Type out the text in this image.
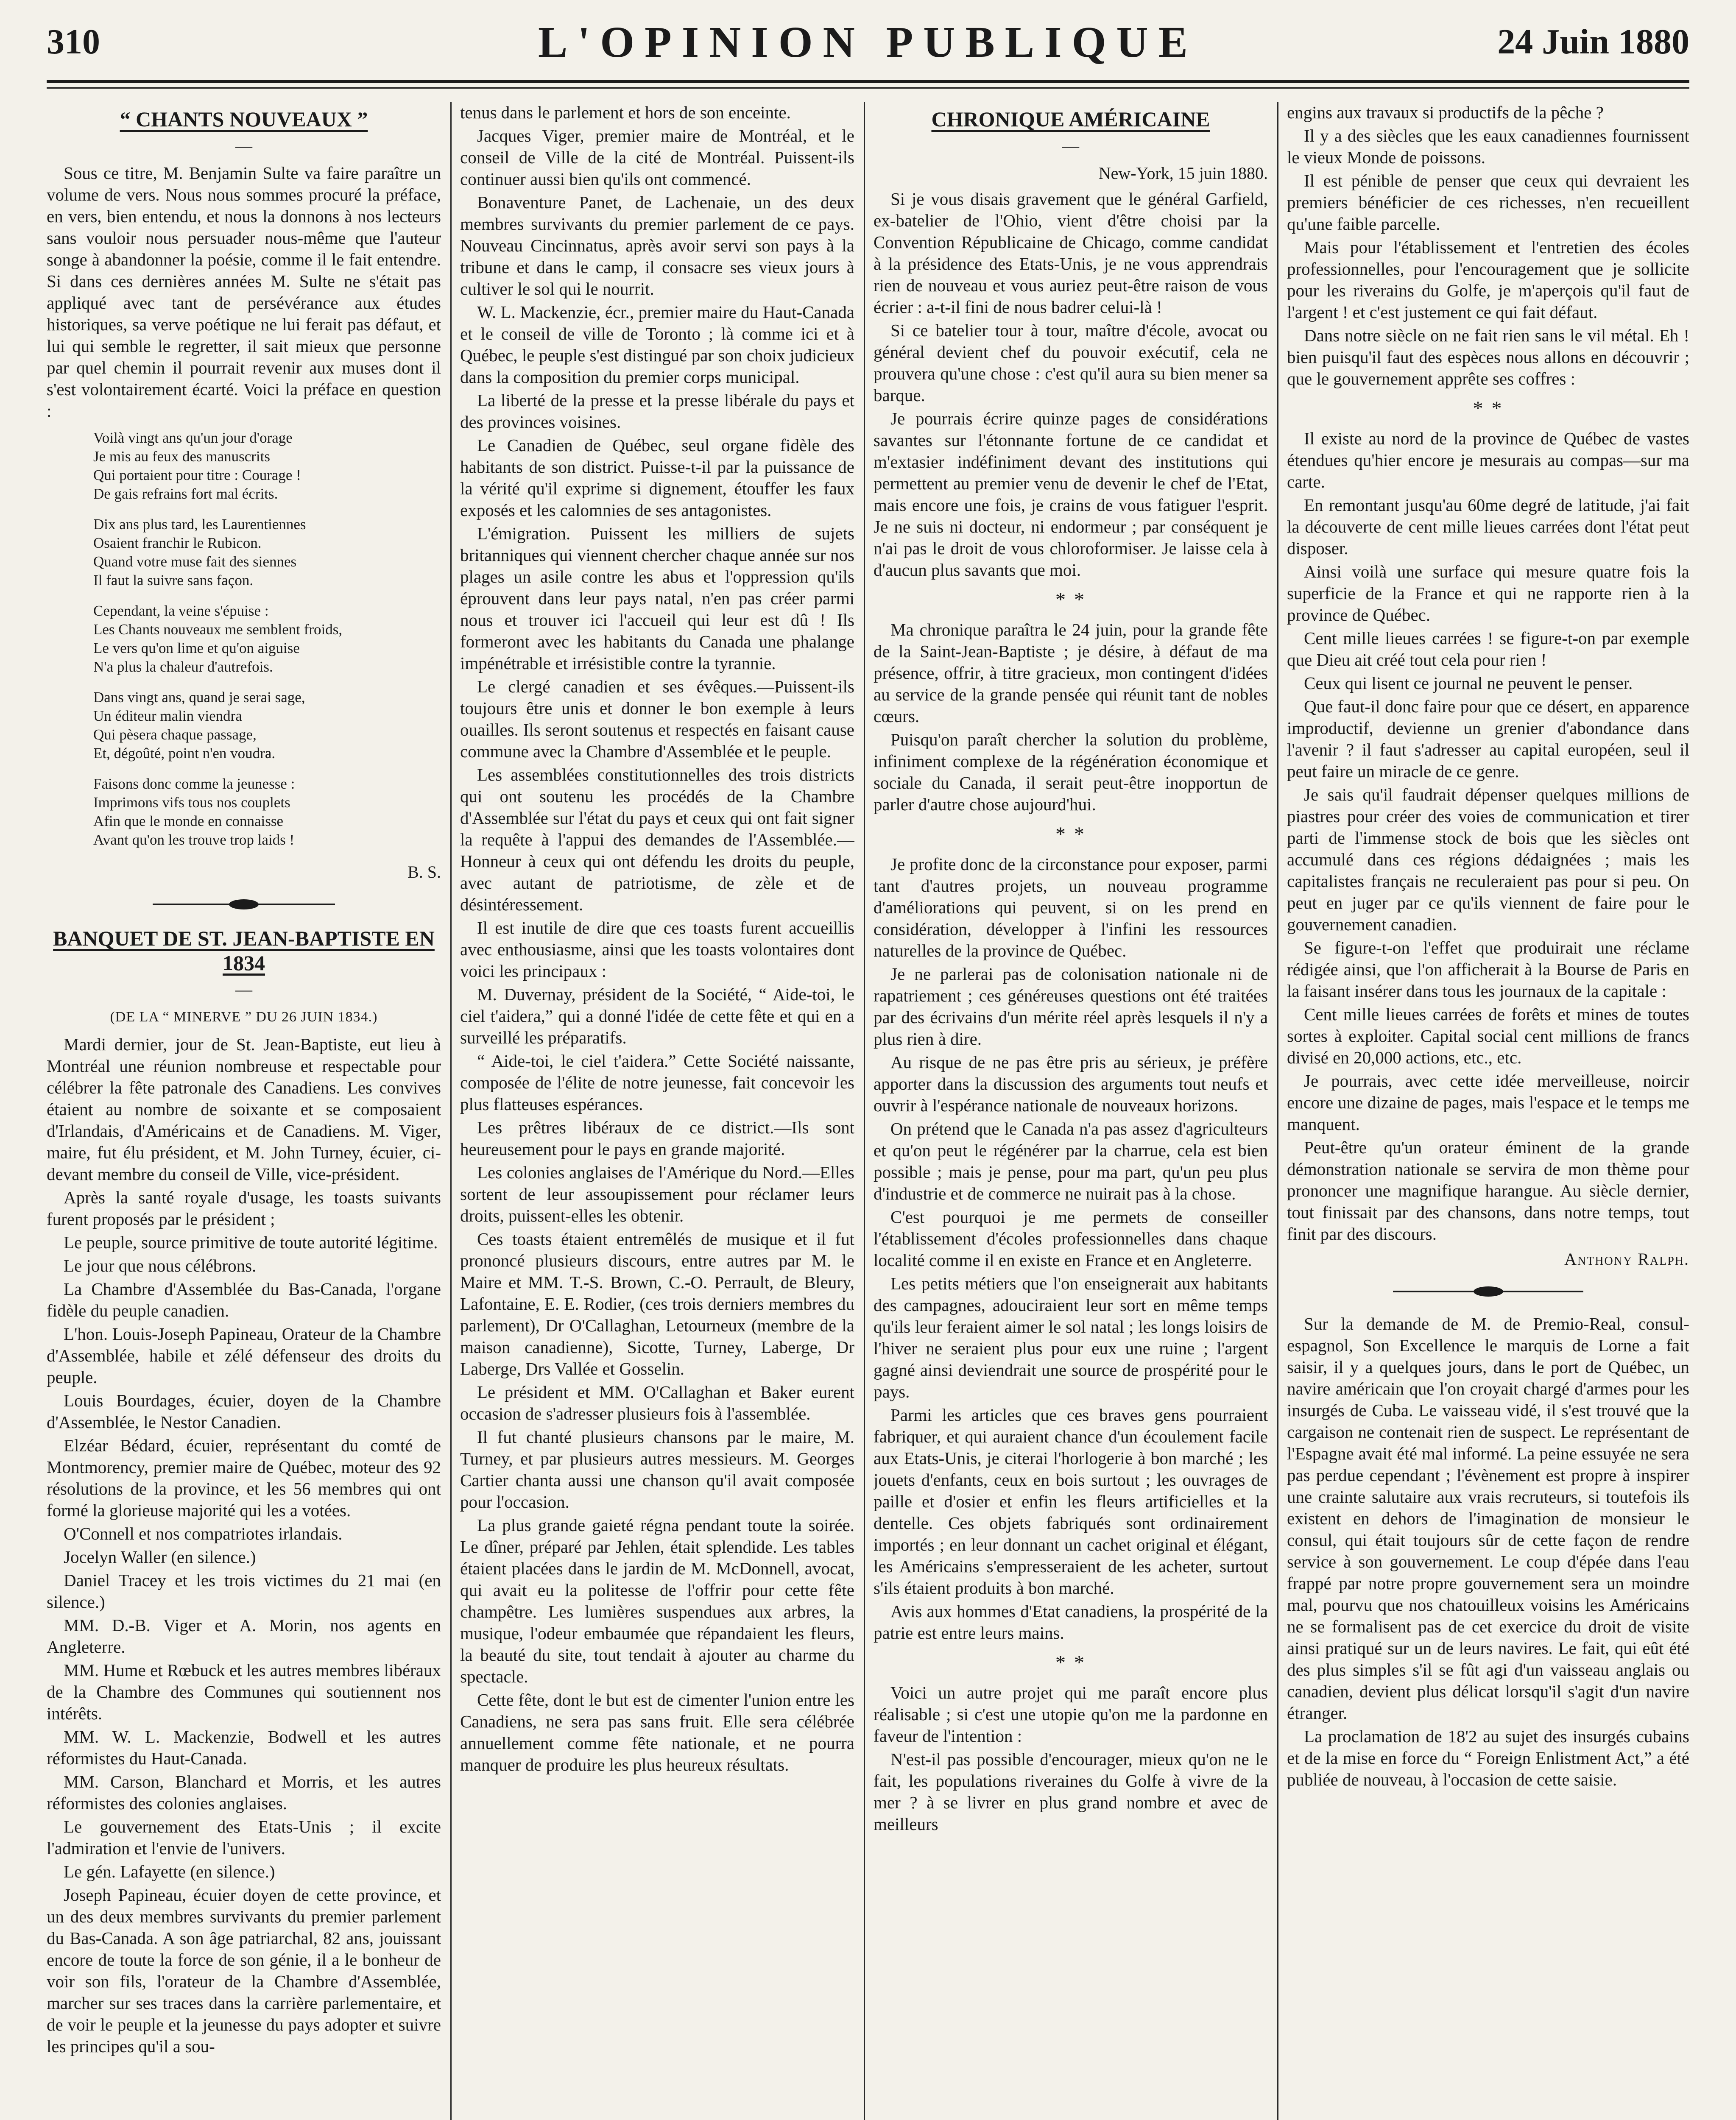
310	L'OPINION PUBLIQUE	24 Juin 1880
“ CHANTS NOUVEAUX ”
—

Sous ce titre, M. Benjamin Sulte va faire paraître un volume de vers. Nous nous sommes procuré la préface, en vers, bien entendu, et nous la donnons à nos lecteurs sans vouloir nous persuader nous-même que l'auteur songe à abandonner la poésie, comme il le fait entendre. Si dans ces dernières années M. Sulte ne s'était pas appliqué avec tant de persévérance aux études historiques, sa verve poétique ne lui ferait pas défaut, et lui qui semble le regretter, il sait mieux que personne par quel chemin il pourrait revenir aux muses dont il s'est volontairement écarté. Voici la préface en question :

Voilà vingt ans qu'un jour d'orage
Je mis au feux des manuscrits
Qui portaient pour titre : Courage !
De gais refrains fort mal écrits.
Dix ans plus tard, les Laurentiennes
Osaient franchir le Rubicon.
Quand votre muse fait des siennes
Il faut la suivre sans façon.
Cependant, la veine s'épuise :
Les Chants nouveaux me semblent froids,
Le vers qu'on lime et qu'on aiguise
N'a plus la chaleur d'autrefois.
Dans vingt ans, quand je serai sage,
Un éditeur malin viendra
Qui pèsera chaque passage,
Et, dégoûté, point n'en voudra.
Faisons donc comme la jeunesse :
Imprimons vifs tous nos couplets
Afin que le monde en connaisse
Avant qu'on les trouve trop laids !
B. S.
BANQUET DE ST. JEAN-BAPTISTE EN 1834
—
(DE LA “ MINERVE ” DU 26 JUIN 1834.)

Mardi dernier, jour de St. Jean-Baptiste, eut lieu à Montréal une réunion nombreuse et respectable pour célébrer la fête patronale des Canadiens. Les convives étaient au nombre de soixante et se composaient d'Irlandais, d'Américains et de Canadiens. M. Viger, maire, fut élu président, et M. John Turney, écuier, ci-devant membre du conseil de Ville, vice-président.

Après la santé royale d'usage, les toasts suivants furent proposés par le président ;

Le peuple, source primitive de toute autorité légitime.

Le jour que nous célébrons.

La Chambre d'Assemblée du Bas-Canada, l'organe fidèle du peuple canadien.

L'hon. Louis-Joseph Papineau, Orateur de la Chambre d'Assemblée, habile et zélé défenseur des droits du peuple.

Louis Bourdages, écuier, doyen de la Chambre d'Assemblée, le Nestor Canadien.

Elzéar Bédard, écuier, représentant du comté de Montmorency, premier maire de Québec, moteur des 92 résolutions de la province, et les 56 membres qui ont formé la glorieuse majorité qui les a votées.

O'Connell et nos compatriotes irlandais.

Jocelyn Waller (en silence.)

Daniel Tracey et les trois victimes du 21 mai (en silence.)

MM. D.-B. Viger et A. Morin, nos agents en Angleterre.

MM. Hume et Rœbuck et les autres membres libéraux de la Chambre des Communes qui soutiennent nos intérêts.

MM. W. L. Mackenzie, Bodwell et les autres réformistes du Haut-Canada.

MM. Carson, Blanchard et Morris, et les autres réformistes des colonies anglaises.

Le gouvernement des Etats-Unis ; il excite l'admiration et l'envie de l'univers.

Le gén. Lafayette (en silence.)

Joseph Papineau, écuier doyen de cette province, et un des deux membres survivants du premier parlement du Bas-Canada. A son âge patriarchal, 82 ans, jouissant encore de toute la force de son génie, il a le bonheur de voir son fils, l'orateur de la Chambre d'Assemblée, marcher sur ses traces dans la carrière parlementaire, et de voir le peuple et la jeunesse du pays adopter et suivre les principes qu'il a sou-

tenus dans le parlement et hors de son enceinte.

Jacques Viger, premier maire de Montréal, et le conseil de Ville de la cité de Montréal. Puissent-ils continuer aussi bien qu'ils ont commencé.

Bonaventure Panet, de Lachenaie, un des deux membres survivants du premier parlement de ce pays. Nouveau Cincinnatus, après avoir servi son pays à la tribune et dans le camp, il consacre ses vieux jours à cultiver le sol qui le nourrit.

W. L. Mackenzie, écr., premier maire du Haut-Canada et le conseil de ville de Toronto ; là comme ici et à Québec, le peuple s'est distingué par son choix judicieux dans la composition du premier corps municipal.

La liberté de la presse et la presse libérale du pays et des provinces voisines.

Le Canadien de Québec, seul organe fidèle des habitants de son district. Puisse-t-il par la puissance de la vérité qu'il exprime si dignement, étouffer les faux exposés et les calomnies de ses antagonistes.

L'émigration. Puissent les milliers de sujets britanniques qui viennent chercher chaque année sur nos plages un asile contre les abus et l'oppression qu'ils éprouvent dans leur pays natal, n'en pas créer parmi nous et trouver ici l'accueil qui leur est dû ! Ils formeront avec les habitants du Canada une phalange impénétrable et irrésistible contre la tyrannie.

Le clergé canadien et ses évêques.—Puissent-ils toujours être unis et donner le bon exemple à leurs ouailles. Ils seront soutenus et respectés en faisant cause commune avec la Chambre d'Assemblée et le peuple.

Les assemblées constitutionnelles des trois districts qui ont soutenu les procédés de la Chambre d'Assemblée sur l'état du pays et ceux qui ont fait signer la requête à l'appui des demandes de l'Assemblée.—Honneur à ceux qui ont défendu les droits du peuple, avec autant de patriotisme, de zèle et de désintéressement.

Il est inutile de dire que ces toasts furent accueillis avec enthousiasme, ainsi que les toasts volontaires dont voici les principaux :

M. Duvernay, président de la Société, “ Aide-toi, le ciel t'aidera,” qui a donné l'idée de cette fête et qui en a surveillé les préparatifs.

“ Aide-toi, le ciel t'aidera.” Cette Société naissante, composée de l'élite de notre jeunesse, fait concevoir les plus flatteuses espérances.

Les prêtres libéraux de ce district.—Ils sont heureusement pour le pays en grande majorité.

Les colonies anglaises de l'Amérique du Nord.—Elles sortent de leur assoupissement pour réclamer leurs droits, puissent-elles les obtenir.

Ces toasts étaient entremêlés de musique et il fut prononcé plusieurs discours, entre autres par M. le Maire et MM. T.-S. Brown, C.-O. Perrault, de Bleury, Lafontaine, E. E. Rodier, (ces trois derniers membres du parlement), Dr O'Callaghan, Letourneux (membre de la maison canadienne), Sicotte, Turney, Laberge, Dr Laberge, Drs Vallée et Gosselin.

Le président et MM. O'Callaghan et Baker eurent occasion de s'adresser plusieurs fois à l'assemblée.

Il fut chanté plusieurs chansons par le maire, M. Turney, et par plusieurs autres messieurs. M. Georges Cartier chanta aussi une chanson qu'il avait composée pour l'occasion.

La plus grande gaieté régna pendant toute la soirée. Le dîner, préparé par Jehlen, était splendide. Les tables étaient placées dans le jardin de M. McDonnell, avocat, qui avait eu la politesse de l'offrir pour cette fête champêtre. Les lumières suspendues aux arbres, la musique, l'odeur embaumée que répandaient les fleurs, la beauté du site, tout tendait à ajouter au charme du spectacle.

Cette fête, dont le but est de cimenter l'union entre les Canadiens, ne sera pas sans fruit. Elle sera célébrée annuellement comme fête nationale, et ne pourra manquer de produire les plus heureux résultats.

CHRONIQUE AMÉRICAINE
—
New-York, 15 juin 1880.

Si je vous disais gravement que le général Garfield, ex-batelier de l'Ohio, vient d'être choisi par la Convention Républicaine de Chicago, comme candidat à la présidence des Etats-Unis, je ne vous apprendrais rien de nouveau et vous auriez peut-être raison de vous écrier : a-t-il fini de nous badrer celui-là !

Si ce batelier tour à tour, maître d'école, avocat ou général devient chef du pouvoir exécutif, cela ne prouvera qu'une chose : c'est qu'il aura su bien mener sa barque.

Je pourrais écrire quinze pages de considérations savantes sur l'étonnante fortune de ce candidat et m'extasier indéfiniment devant des institutions qui permettent au premier venu de devenir le chef de l'Etat, mais encore une fois, je crains de vous fatiguer l'esprit. Je ne suis ni docteur, ni endormeur ; par conséquent je n'ai pas le droit de vous chloroformiser. Je laisse cela à d'aucun plus savants que moi.

* *

Ma chronique paraîtra le 24 juin, pour la grande fête de la Saint-Jean-Baptiste ; je désire, à défaut de ma présence, offrir, à titre gracieux, mon contingent d'idées au service de la grande pensée qui réunit tant de nobles cœurs.

Puisqu'on paraît chercher la solution du problème, infiniment complexe de la régénération économique et sociale du Canada, il serait peut-être inopportun de parler d'autre chose aujourd'hui.

* *

Je profite donc de la circonstance pour exposer, parmi tant d'autres projets, un nouveau programme d'améliorations qui peuvent, si on les prend en considération, développer à l'infini les ressources naturelles de la province de Québec.

Je ne parlerai pas de colonisation nationale ni de rapatriement ; ces généreuses questions ont été traitées par des écrivains d'un mérite réel après lesquels il n'y a plus rien à dire.

Au risque de ne pas être pris au sérieux, je préfère apporter dans la discussion des arguments tout neufs et ouvrir à l'espérance nationale de nouveaux horizons.

On prétend que le Canada n'a pas assez d'agriculteurs et qu'on peut le régénérer par la charrue, cela est bien possible ; mais je pense, pour ma part, qu'un peu plus d'industrie et de commerce ne nuirait pas à la chose.

C'est pourquoi je me permets de conseiller l'établissement d'écoles professionnelles dans chaque localité comme il en existe en France et en Angleterre.

Les petits métiers que l'on enseignerait aux habitants des campagnes, adouciraient leur sort en même temps qu'ils leur feraient aimer le sol natal ; les longs loisirs de l'hiver ne seraient plus pour eux une ruine ; l'argent gagné ainsi deviendrait une source de prospérité pour le pays.

Parmi les articles que ces braves gens pourraient fabriquer, et qui auraient chance d'un écoulement facile aux Etats-Unis, je citerai l'horlogerie à bon marché ; les jouets d'enfants, ceux en bois surtout ; les ouvrages de paille et d'osier et enfin les fleurs artificielles et la dentelle. Ces objets fabriqués sont ordinairement importés ; en leur donnant un cachet original et élégant, les Américains s'empresseraient de les acheter, surtout s'ils étaient produits à bon marché.

Avis aux hommes d'Etat canadiens, la prospérité de la patrie est entre leurs mains.

* *

Voici un autre projet qui me paraît encore plus réalisable ; si c'est une utopie qu'on me la pardonne en faveur de l'intention :

N'est-il pas possible d'encourager, mieux qu'on ne le fait, les populations riveraines du Golfe à vivre de la mer ? à se livrer en plus grand nombre et avec de meilleurs

engins aux travaux si productifs de la pêche ?

Il y a des siècles que les eaux canadiennes fournissent le vieux Monde de poissons.

Il est pénible de penser que ceux qui devraient les premiers bénéficier de ces richesses, n'en recueillent qu'une faible parcelle.

Mais pour l'établissement et l'entretien des écoles professionnelles, pour l'encouragement que je sollicite pour les riverains du Golfe, je m'aperçois qu'il faut de l'argent ! et c'est justement ce qui fait défaut.

Dans notre siècle on ne fait rien sans le vil métal. Eh ! bien puisqu'il faut des espèces nous allons en découvrir ; que le gouvernement apprête ses coffres :

* *

Il existe au nord de la province de Québec de vastes étendues qu'hier encore je mesurais au compas—sur ma carte.

En remontant jusqu'au 60me degré de latitude, j'ai fait la découverte de cent mille lieues carrées dont l'état peut disposer.

Ainsi voilà une surface qui mesure quatre fois la superficie de la France et qui ne rapporte rien à la province de Québec.

Cent mille lieues carrées ! se figure-t-on par exemple que Dieu ait créé tout cela pour rien !

Ceux qui lisent ce journal ne peuvent le penser.

Que faut-il donc faire pour que ce désert, en apparence improductif, devienne un grenier d'abondance dans l'avenir ? il faut s'adresser au capital européen, seul il peut faire un miracle de ce genre.

Je sais qu'il faudrait dépenser quelques millions de piastres pour créer des voies de communication et tirer parti de l'immense stock de bois que les siècles ont accumulé dans ces régions dédaignées ; mais les capitalistes français ne reculeraient pas pour si peu. On peut en juger par ce qu'ils viennent de faire pour le gouvernement canadien.

Se figure-t-on l'effet que produirait une réclame rédigée ainsi, que l'on afficherait à la Bourse de Paris en la faisant insérer dans tous les journaux de la capitale :

Cent mille lieues carrées de forêts et mines de toutes sortes à exploiter. Capital social cent millions de francs divisé en 20,000 actions, etc., etc.

Je pourrais, avec cette idée merveilleuse, noircir encore une dizaine de pages, mais l'espace et le temps me manquent.

Peut-être qu'un orateur éminent de la grande démonstration nationale se servira de mon thème pour prononcer une magnifique harangue. Au siècle dernier, tout finissait par des chansons, dans notre temps, tout finit par des discours.

Anthony Ralph.

Sur la demande de M. de Premio-Real, consul-espagnol, Son Excellence le marquis de Lorne a fait saisir, il y a quelques jours, dans le port de Québec, un navire américain que l'on croyait chargé d'armes pour les insurgés de Cuba. Le vaisseau vidé, il s'est trouvé que la cargaison ne contenait rien de suspect. Le représentant de l'Espagne avait été mal informé. La peine essuyée ne sera pas perdue cependant ; l'évènement est propre à inspirer une crainte salutaire aux vrais recruteurs, si toutefois ils existent en dehors de l'imagination de monsieur le consul, qui était toujours sûr de cette façon de rendre service à son gouvernement. Le coup d'épée dans l'eau frappé par notre propre gouvernement sera un moindre mal, pourvu que nos chatouilleux voisins les Américains ne se formalisent pas de cet exercice du droit de visite ainsi pratiqué sur un de leurs navires. Le fait, qui eût été des plus simples s'il se fût agi d'un vaisseau anglais ou canadien, devient plus délicat lorsqu'il s'agit d'un navire étranger.

La proclamation de 18'2 au sujet des insurgés cubains et de la mise en force du “ Foreign Enlistment Act,” a été publiée de nouveau, à l'occasion de cette saisie.
